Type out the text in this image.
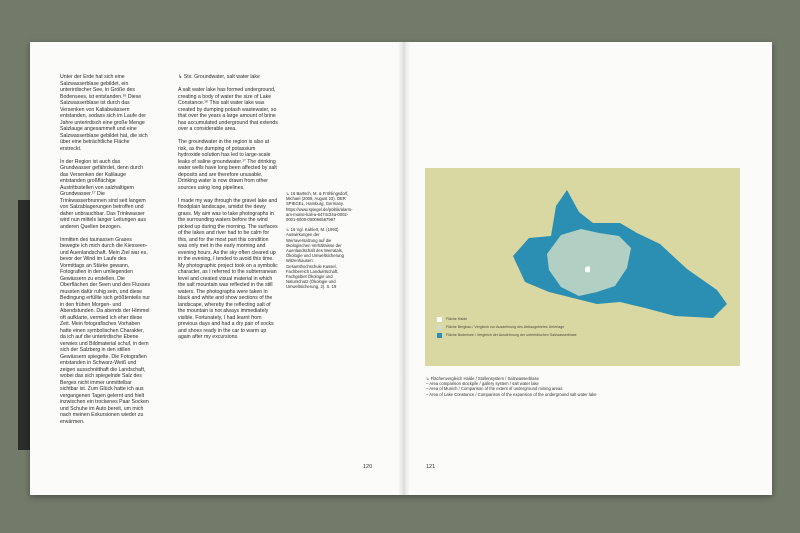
Unter der Erde hat sich eine Salzwasserblase gebildet, ein unterirdischer See, in Größe des Bodensees, ist entstanden.¹⁶ Diese Salzwasserblase ist durch das Versenken von Kaliabwässern entstanden, sodass sich im Laufe der Jahre unterirdisch eine große Menge Salzlauge angesammelt und eine Salzwasserblase gebildet hat, die sich über eine beträchtliche Fläche erstreckt.

In der Region ist auch das Grundwasser gefährdet, denn durch das Versenken der Kalilauge entstanden großflächige Austrittsstellen von salzhaltigem Grundwasser.¹⁷ Die Trinkwasserbrunnen sind seit langem von Salzablagerungen betroffen und daher unbrauchbar. Das Trinkwasser wird nun mittels langer Leitungen aus anderen Quellen bezogen.

Inmitten des taunassen Grases bewegte ich mich durch die Kiesseen- und Auenlandschaft. Mein Ziel war es, bevor der Wind im Laufe des Vormittags an Stärke gewann, Fotografien in den umliegenden Gewässern zu erstellen. Die Oberflächen der Seen und des Flusses mussten dafür ruhig sein, und diese Bedingung erfüllte sich größtenteils nur in den frühen Morgen- und Abendstunden. Da abends der Himmel oft aufklarte, vermied ich eher diese Zeit. Mein fotografisches Vorhaben hatte einen symbolischen Charakter, da ich auf die unterirdische Ebene verwies und Bildmaterial schuf, in dem sich der Salzberg in den stillen Gewässern spiegelte. Die Fotografien entstanden in Schwarz-Weiß und zeigen ausschnitthaft die Landschaft, wobei das sich spiegelnde Salz des Berges nicht immer unmittelbar sichtbar ist. Zum Glück hatte ich aus vergangenen Tagen gelernt und hielt inzwischen ein trockenes Paar Socken und Schuhe im Auto bereit, um mich nach meinen Exkursionen wieder zu erwärmen.

↳ Stx. Groundwater, salt water lake

A salt water lake has formed underground, creating a body of water the size of Lake Constance.¹⁶ This salt water lake was created by dumping potash wastewater, so that over the years a large amount of brine has accumulated underground that extends over a considerable area.

The groundwater in the region is also at risk, as the dumping of potassium hydroxide solution has led to large-scale leaks of saline groundwater.¹⁷ The drinking water wells have long been affected by salt deposits and are therefore unusable. Drinking water is now drawn from other sources using long pipelines.

I made my way through the gravel lake and floodplain landscape, amidst the dewy grass. My aim was to take photographs in the surrounding waters before the wind picked up during the morning. The surfaces of the lakes and river had to be calm for this, and for the most part this condition was only met in the early morning and evening hours. As the sky often cleared up in the evening, I tended to avoid this time. My photographic project took on a symbolic character, as I referred to the subterranean level and created visual material in which the salt mountain was reflected in the still waters. The photographs were taken in black and white and show sections of the landscape, whereby the reflecting salt of the mountain is not always immediately visible. Fortunately, I had learnt from previous days and had a dry pair of socks and shoes ready in the car to warm up again after my excursions.

↳ 16 Bartsch, M. & Fröhlingsdorf, Michael (2009, August 23). DER SPIEGEL, Hamburg, Germany. https://www.spiegel.de/politik/alarm-am-monte-kali-a-6474c24a-0002-0001-0000-000066567967

↳ 16 Vgl. Kahlert, M. (1993) Auswirkungen der Werraversalzung auf die ökologischen Verhältnisse der Auenlandschaft des Werratals, Ökologie und Umweltsicherung Witzenhausen: Gesamthochschule Kassel, Fachbereich Landwirtschaft, Fachgebiet Ökologie und Naturschutz (Ökologie und Umweltsicherung, 2). S. 19

120	121
Fläche Halde
Fläche Bergbau / Vergleich zur Ausdehnung des Abbaugebietes Unterlage
Fläche Bodensee / Vergleich der Ausdehnung der unterirdischen Salzwasserblase
↳ Flächenvergleich Halde / Stollensystem / Salzwasserblase
– Area comparison stockpile / gallery system / salt water lake
– Area of Munich / Comparison of the extent of underground mining areas
– Area of Lake Constance / Comparison of the expansion of the underground salt water lake
